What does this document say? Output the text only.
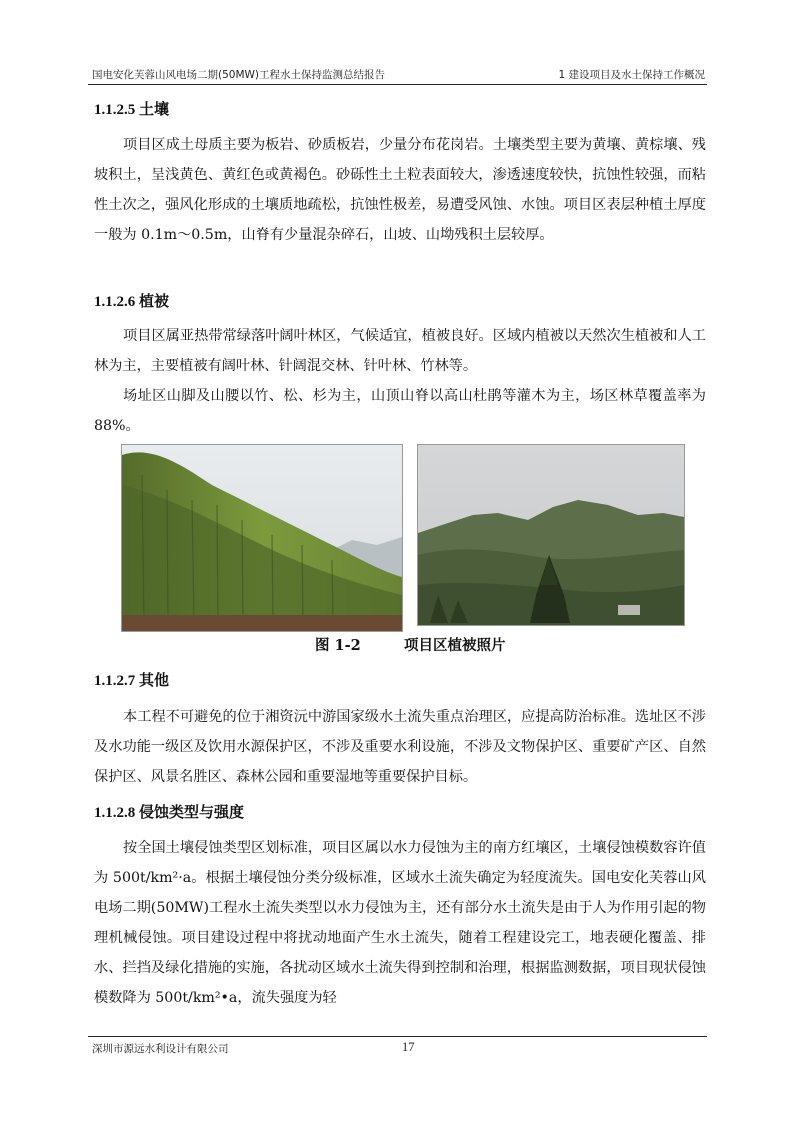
国电安化芙蓉山风电场二期(50MW)工程水土保持监测总结报告	1 建设项目及水土保持工作概况
1.1.2.5 土壤

项目区成土母质主要为板岩、砂质板岩，少量分布花岗岩。土壤类型主要为黄壤、黄棕壤、残坡积土，呈浅黄色、黄红色或黄褐色。砂砾性土土粒表面较大，渗透速度较快，抗蚀性较强，而粘性土次之，强风化形成的土壤质地疏松，抗蚀性极差，易遭受风蚀、水蚀。项目区表层种植土厚度一般为 0.1m～0.5m，山脊有少量混杂碎石，山坡、山坳残积土层较厚。

1.1.2.6 植被

项目区属亚热带常绿落叶阔叶林区，气候适宜，植被良好。区域内植被以天然次生植被和人工林为主，主要植被有阔叶林、针阔混交林、针叶林、竹林等。

场址区山脚及山腰以竹、松、杉为主，山顶山脊以高山杜鹃等灌木为主，场区林草覆盖率为 88%。

图 1-2	项目区植被照片
1.1.2.7 其他

本工程不可避免的位于湘资沅中游国家级水土流失重点治理区，应提高防治标准。选址区不涉及水功能一级区及饮用水源保护区，不涉及重要水利设施，不涉及文物保护区、重要矿产区、自然保护区、风景名胜区、森林公园和重要湿地等重要保护目标。

1.1.2.8 侵蚀类型与强度

按全国土壤侵蚀类型区划标准，项目区属以水力侵蚀为主的南方红壤区，土壤侵蚀模数容许值为 500t/km²·a。根据土壤侵蚀分类分级标准，区域水土流失确定为轻度流失。国电安化芙蓉山风电场二期(50MW)工程水土流失类型以水力侵蚀为主，还有部分水土流失是由于人为作用引起的物理机械侵蚀。项目建设过程中将扰动地面产生水土流失，随着工程建设完工，地表硬化覆盖、排水、拦挡及绿化措施的实施，各扰动区域水土流失得到控制和治理，根据监测数据，项目现状侵蚀模数降为 500t/km²•a，流失强度为轻

深圳市源远水利设计有限公司	17
